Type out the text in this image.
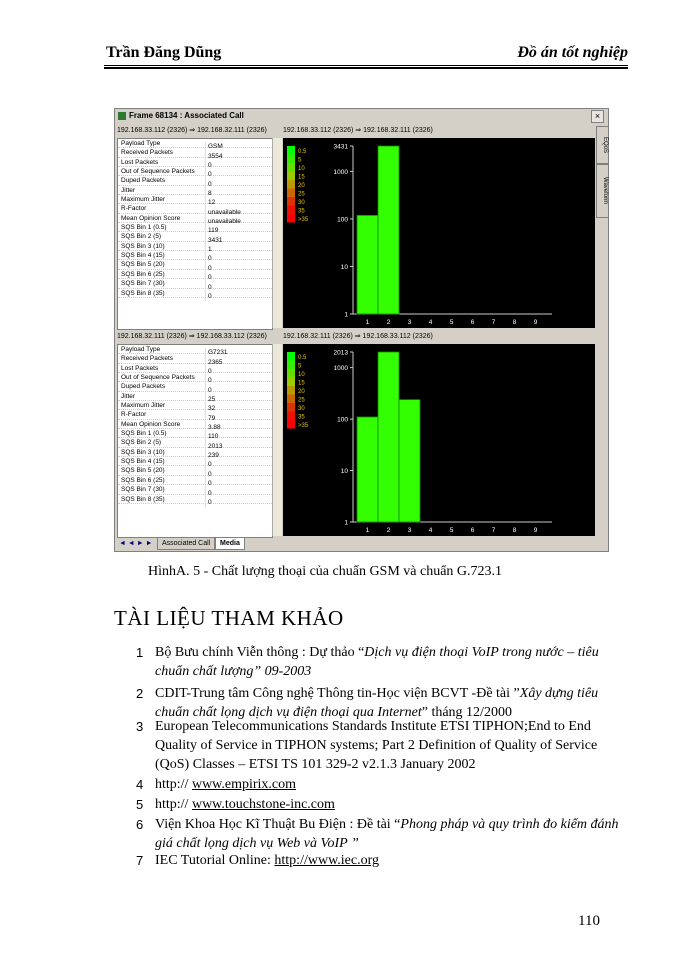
Trần Đăng Dũng	Đồ án tốt nghiệp
Frame 68134 : Associated Call	×
192.168.33.112 (2326) ⇒ 192.168.32.111 (2326)	192.168.33.112 (2326) ⇒ 192.168.32.111 (2326)
Payload Type	GSM
Received Packets	3554
Lost Packets	0
Out of Sequence Packets 0
Duped Packets	0
Jitter	8
Maximum Jitter	12
R-Factor	unavailable
Mean Opinion Score	unavailable
SQS Bin 1 (0.5)	119
SQS Bin 2 (5)	3431
SQS Bin 3 (10)	1
SQS Bin 4 (15)	0
SQS Bin 5 (20)	0
SQS Bin 6 (25)	0
SQS Bin 7 (30)	0
SQS Bin 8 (35)	0
0.5
5
10
15
20
25
30
35
>35
3431
1000
100
10
1
1	2	3	4	5	6	7	8	9
192.168.32.111 (2326) ⇒ 192.168.33.112 (2326)	192.168.32.111 (2326) ⇒ 192.168.33.112 (2326)
Payload Type	G7231
Received Packets	2365
Lost Packets	0
Out of Sequence Packets 0
Duped Packets	0
Jitter	25
Maximum Jitter	32
R-Factor	79
Mean Opinion Score	3.88
SQS Bin 1 (0.5)	110
SQS Bin 2 (5)	2013
SQS Bin 3 (10)	239
SQS Bin 4 (15)	0
SQS Bin 5 (20)	0
SQS Bin 6 (25)	0
SQS Bin 7 (30)	0
SQS Bin 8 (35)	0
0.5
5
10
15
20
25
30
35
>35
2013
1000
100
10
1
1	2	3	4	5	6	7	8	9
EQoS
Waveform
◄ ◄ ► ►	Associated Call	Media
HìnhA. 5 - Chất lượng thoại của chuẩn GSM và chuẩn G.723.1
TÀI LIỆU THAM KHẢO
1 Bộ Bưu chính Viễn thông : Dự thảo “Dịch vụ điện thoại VoIP trong nước – tiêu chuẩn chất lượng” 09-2003
2 CDIT-Trung tâm Công nghệ Thông tin-Học viện BCVT -Đề tài ”Xây dựng tiêu chuẩn chất lọng dịch vụ điện thoại qua Internet” tháng 12/2000
3 European Telecommunications Standards Institute ETSI TIPHON;End to End Quality of Service in TIPHON systems; Part 2 Definition of Quality of Service (QoS) Classes – ETSI TS 101 329-2 v2.1.3 January 2002
4 http:// www.empirix.com
5 http:// www.touchstone-inc.com
6 Viện Khoa Học Kĩ Thuật Bu Điện : Đề tài “Phong pháp và quy trình đo kiểm đánh giá chất lọng dịch vụ Web và VoIP ”
7 IEC Tutorial Online: http://www.iec.org
110
